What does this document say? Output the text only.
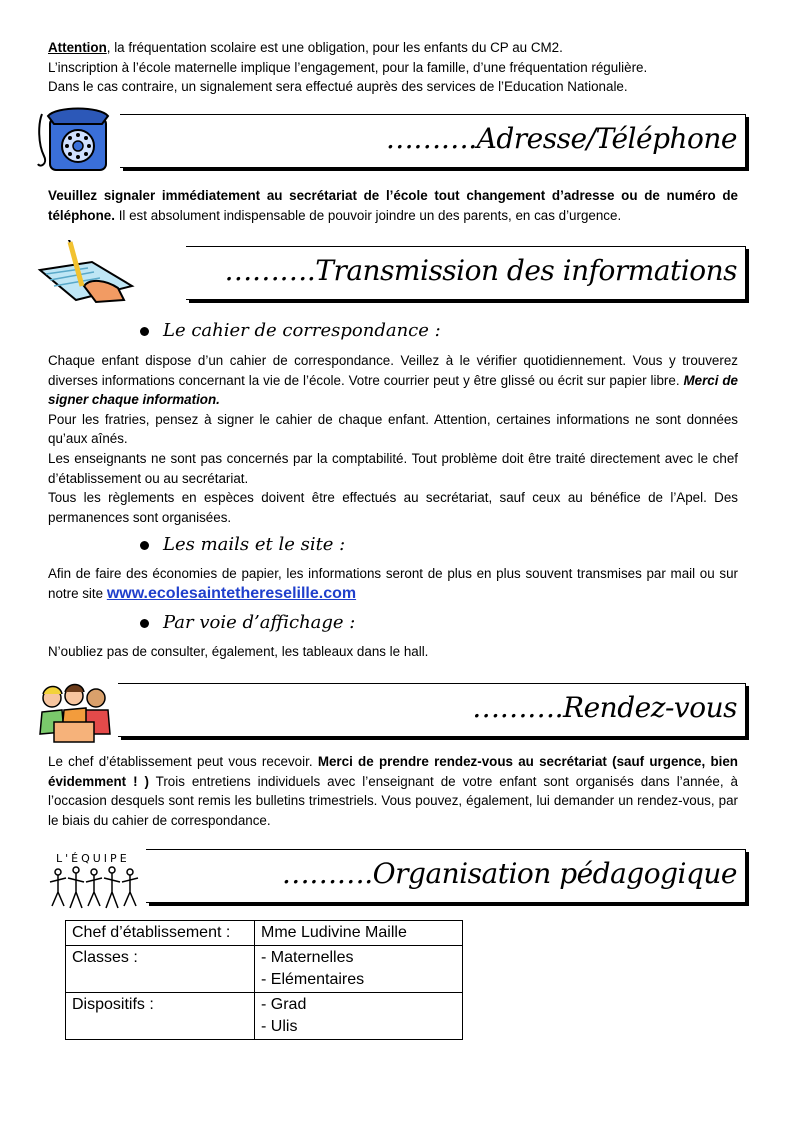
Attention, la fréquentation scolaire est une obligation, pour les enfants du CP au CM2.

L’inscription à l’école maternelle implique l’engagement, pour la famille, d’une fréquentation régulière.

Dans le cas contraire, un signalement sera effectué auprès des services de l’Education Nationale.

……….Adresse/Téléphone

Veuillez signaler immédiatement au secrétariat de l’école tout changement d’adresse ou de numéro de téléphone. Il est absolument indispensable de pouvoir joindre un des parents, en cas d’urgence.

……….Transmission des informations
Le cahier de correspondance :

Chaque enfant dispose d’un cahier de correspondance. Veillez à le vérifier quotidiennement. Vous y trouverez diverses informations concernant la vie de l’école. Votre courrier peut y être glissé ou écrit sur papier libre. Merci de signer chaque information.

Pour les fratries, pensez à signer le cahier de chaque enfant. Attention, certaines informations ne sont données qu’aux aînés.

Les enseignants ne sont pas concernés par la comptabilité. Tout problème doit être traité directement avec le chef d’établissement ou au secrétariat.

Tous les règlements en espèces doivent être effectués au secrétariat, sauf ceux au bénéfice de l’Apel. Des permanences sont organisées.

Les mails et le site :

Afin de faire des économies de papier, les informations seront de plus en plus souvent transmises par mail ou sur notre site www.ecolesaintethereselille.com

Par voie d’affichage :

N’oubliez pas de consulter, également, les tableaux dans le hall.

……….Rendez-vous

Le chef d’établissement peut vous recevoir. Merci de prendre rendez-vous au secrétariat (sauf urgence, bien évidemment ! ) Trois entretiens individuels avec l’enseignant de votre enfant sont organisés dans l’année, à l’occasion desquels sont remis les bulletins trimestriels. Vous pouvez, également, lui demander un rendez-vous, par le biais du cahier de correspondance.

L'ÉQUIPE	……….Organisation pédagogique
Chef d’établissement :	Mme Ludivine Maille

Classes :	- Maternelles
- Elémentaires

Dispositifs :	- Grad
- Ulis
